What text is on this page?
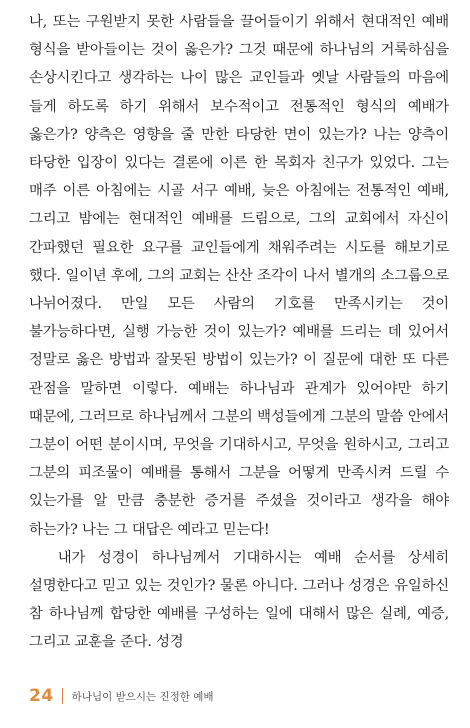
나, 또는 구원받지 못한 사람들을 끌어들이기 위해서 현대적인 예배 형식을 받아들이는 것이 옳은가? 그것 때문에 하나님의 거룩하심을 손상시킨다고 생각하는 나이 많은 교인들과 옛날 사람들의 마음에 들게 하도록 하기 위해서 보수적이고 전통적인 형식의 예배가 옳은가? 양측은 영향을 줄 만한 타당한 면이 있는가? 나는 양측이 타당한 입장이 있다는 결론에 이른 한 목회자 친구가 있었다. 그는 매주 이른 아침에는 시골 서구 예배, 늦은 아침에는 전통적인 예배, 그리고 밤에는 현대적인 예배를 드림으로, 그의 교회에서 자신이 간파했던 필요한 요구를 교인들에게 채워주려는 시도를 해보기로 했다. 일이년 후에, 그의 교회는 산산 조각이 나서 별개의 소그룹으로 나뉘어졌다. 만일 모든 사람의 기호를 만족시키는 것이 불가능하다면, 실행 가능한 것이 있는가? 예배를 드리는 데 있어서 정말로 옳은 방법과 잘못된 방법이 있는가? 이 질문에 대한 또 다른 관점을 말하면 이렇다. 예배는 하나님과 관계가 있어야만 하기 때문에, 그러므로 하나님께서 그분의 백성들에게 그분의 말씀 안에서 그분이 어떤 분이시며, 무엇을 기대하시고, 무엇을 원하시고, 그리고 그분의 피조물이 예배를 통해서 그분을 어떻게 만족시켜 드릴 수 있는가를 알 만큼 충분한 증거를 주셨을 것이라고 생각을 해야 하는가? 나는 그 대답은 예라고 믿는다!

내가 성경이 하나님께서 기대하시는 예배 순서를 상세히 설명한다고 믿고 있는 것인가? 물론 아니다. 그러나 성경은 유일하신 참 하나님께 합당한 예배를 구성하는 일에 대해서 많은 실례, 예증, 그리고 교훈을 준다. 성경

24 하나님이 받으시는 진정한 예배
